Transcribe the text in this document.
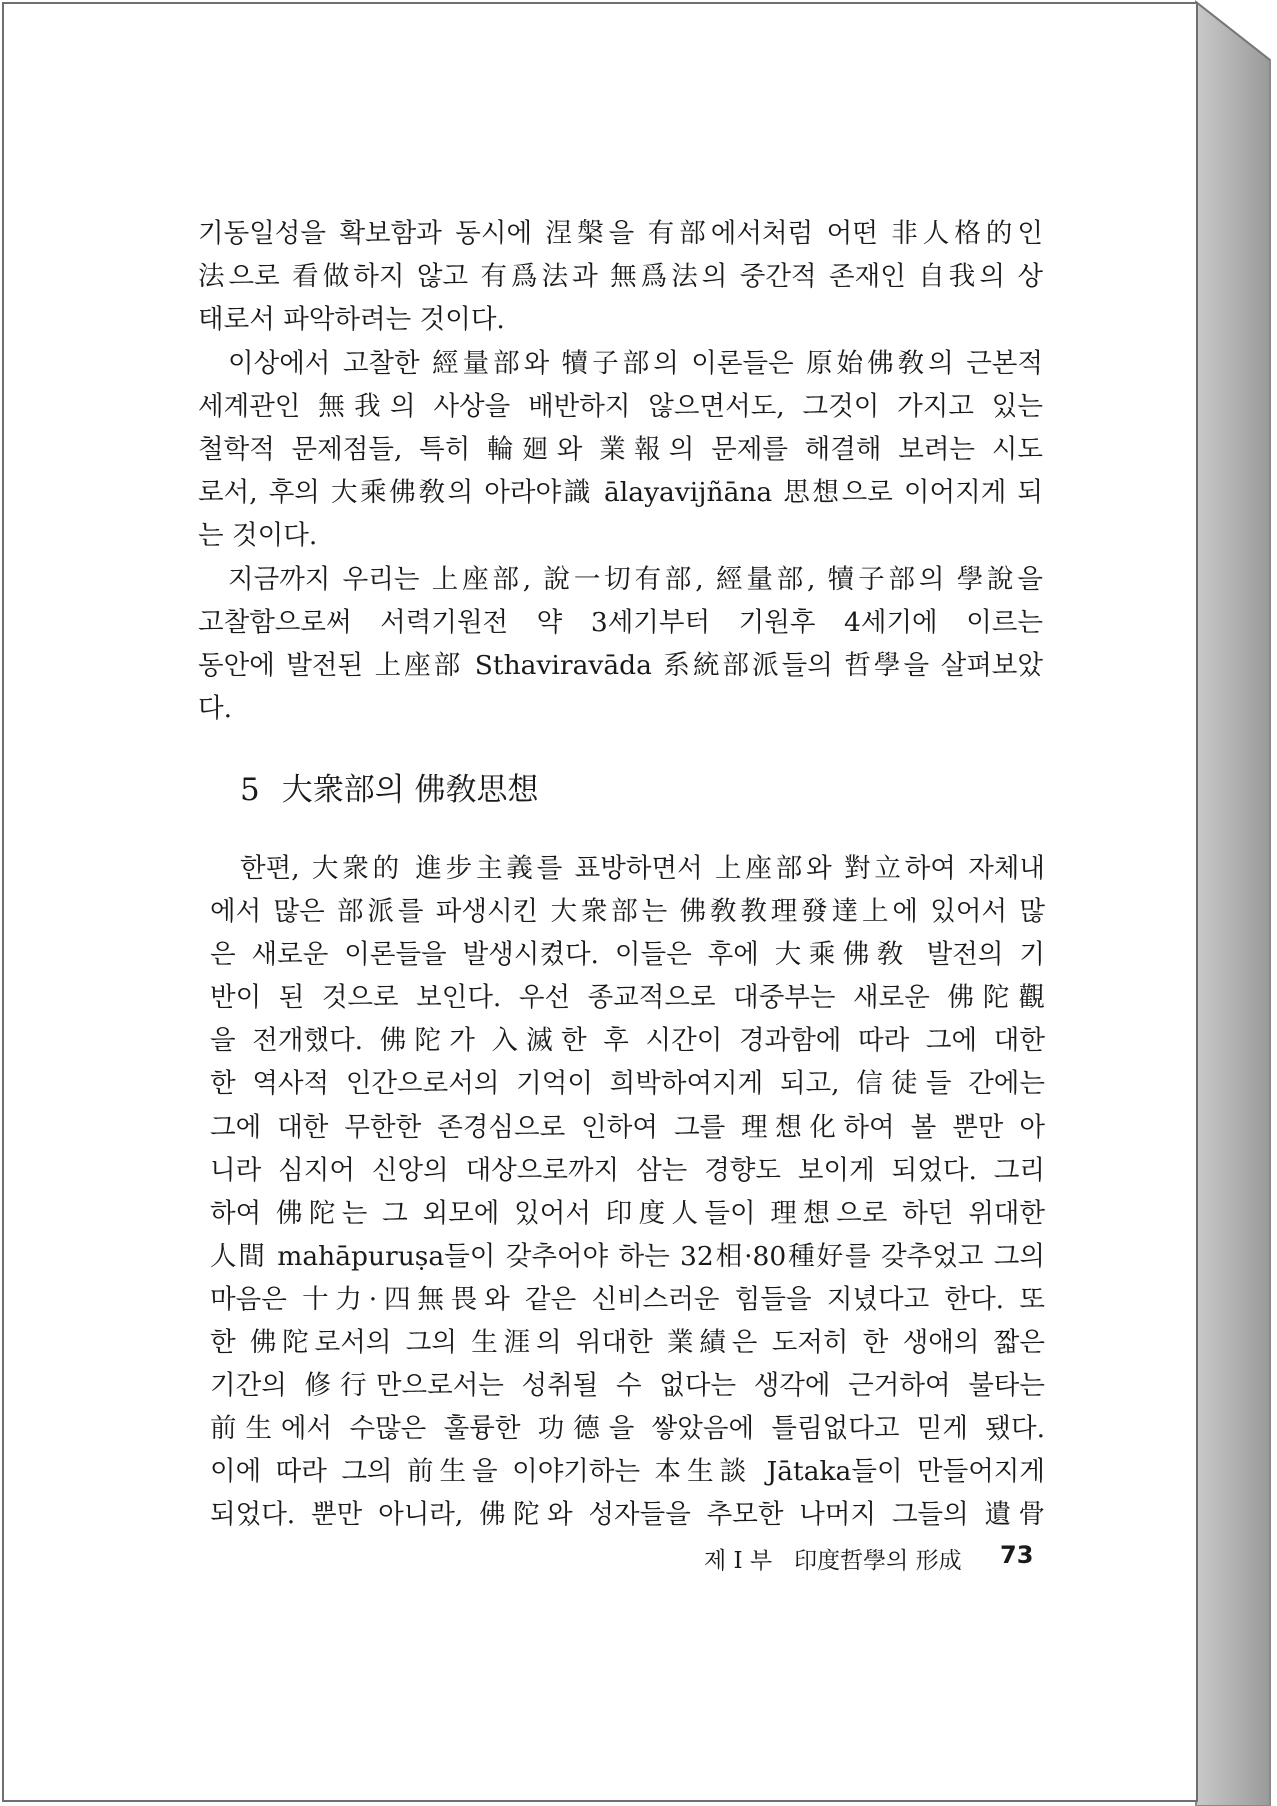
기동일성을 확보함과 동시에 涅槃을 有部에서처럼 어떤 非人格的인
法으로 看做하지 않고 有爲法과 無爲法의 중간적 존재인 自我의 상
태로서 파악하려는 것이다.
이상에서 고찰한 經量部와 犢子部의 이론들은 原始佛敎의 근본적
세계관인 無我의 사상을 배반하지 않으면서도, 그것이 가지고 있는
철학적 문제점들, 특히 輪廻와 業報의 문제를 해결해 보려는 시도
로서, 후의 大乘佛敎의 아라야識 ālayavijñāna 思想으로 이어지게 되
는 것이다.
지금까지 우리는 上座部, 說一切有部, 經量部, 犢子部의 學說을
고찰함으로써 서력기원전 약 3세기부터 기원후 4세기에 이르는
동안에 발전된 上座部 Sthaviravāda 系統部派들의 哲學을 살펴보았
다.
5 大衆部의 佛敎思想
한편, 大衆的 進步主義를 표방하면서 上座部와 對立하여 자체내
에서 많은 部派를 파생시킨 大衆部는 佛敎教理發達上에 있어서 많
은 새로운 이론들을 발생시켰다. 이들은 후에 大乘佛敎 발전의 기
반이 된 것으로 보인다. 우선 종교적으로 대중부는 새로운 佛陀觀
을 전개했다. 佛陀가 入滅한 후 시간이 경과함에 따라 그에 대한
한 역사적 인간으로서의 기억이 희박하여지게 되고, 信徒들 간에는
그에 대한 무한한 존경심으로 인하여 그를 理想化하여 볼 뿐만 아
니라 심지어 신앙의 대상으로까지 삼는 경향도 보이게 되었다. 그리
하여 佛陀는 그 외모에 있어서 印度人들이 理想으로 하던 위대한
人間 mahāpuruṣa들이 갖추어야 하는 32相·80種好를 갖추었고 그의
마음은 十力·四無畏와 같은 신비스러운 힘들을 지녔다고 한다. 또
한 佛陀로서의 그의 生涯의 위대한 業績은 도저히 한 생애의 짧은
기간의 修行만으로서는 성취될 수 없다는 생각에 근거하여 불타는
前生에서 수많은 훌륭한 功德을 쌓았음에 틀림없다고 믿게 됐다.
이에 따라 그의 前生을 이야기하는 本生談 Jātaka들이 만들어지게
되었다. 뿐만 아니라, 佛陀와 성자들을 추모한 나머지 그들의 遺骨
제 I 부 印度哲學의 形成 73
